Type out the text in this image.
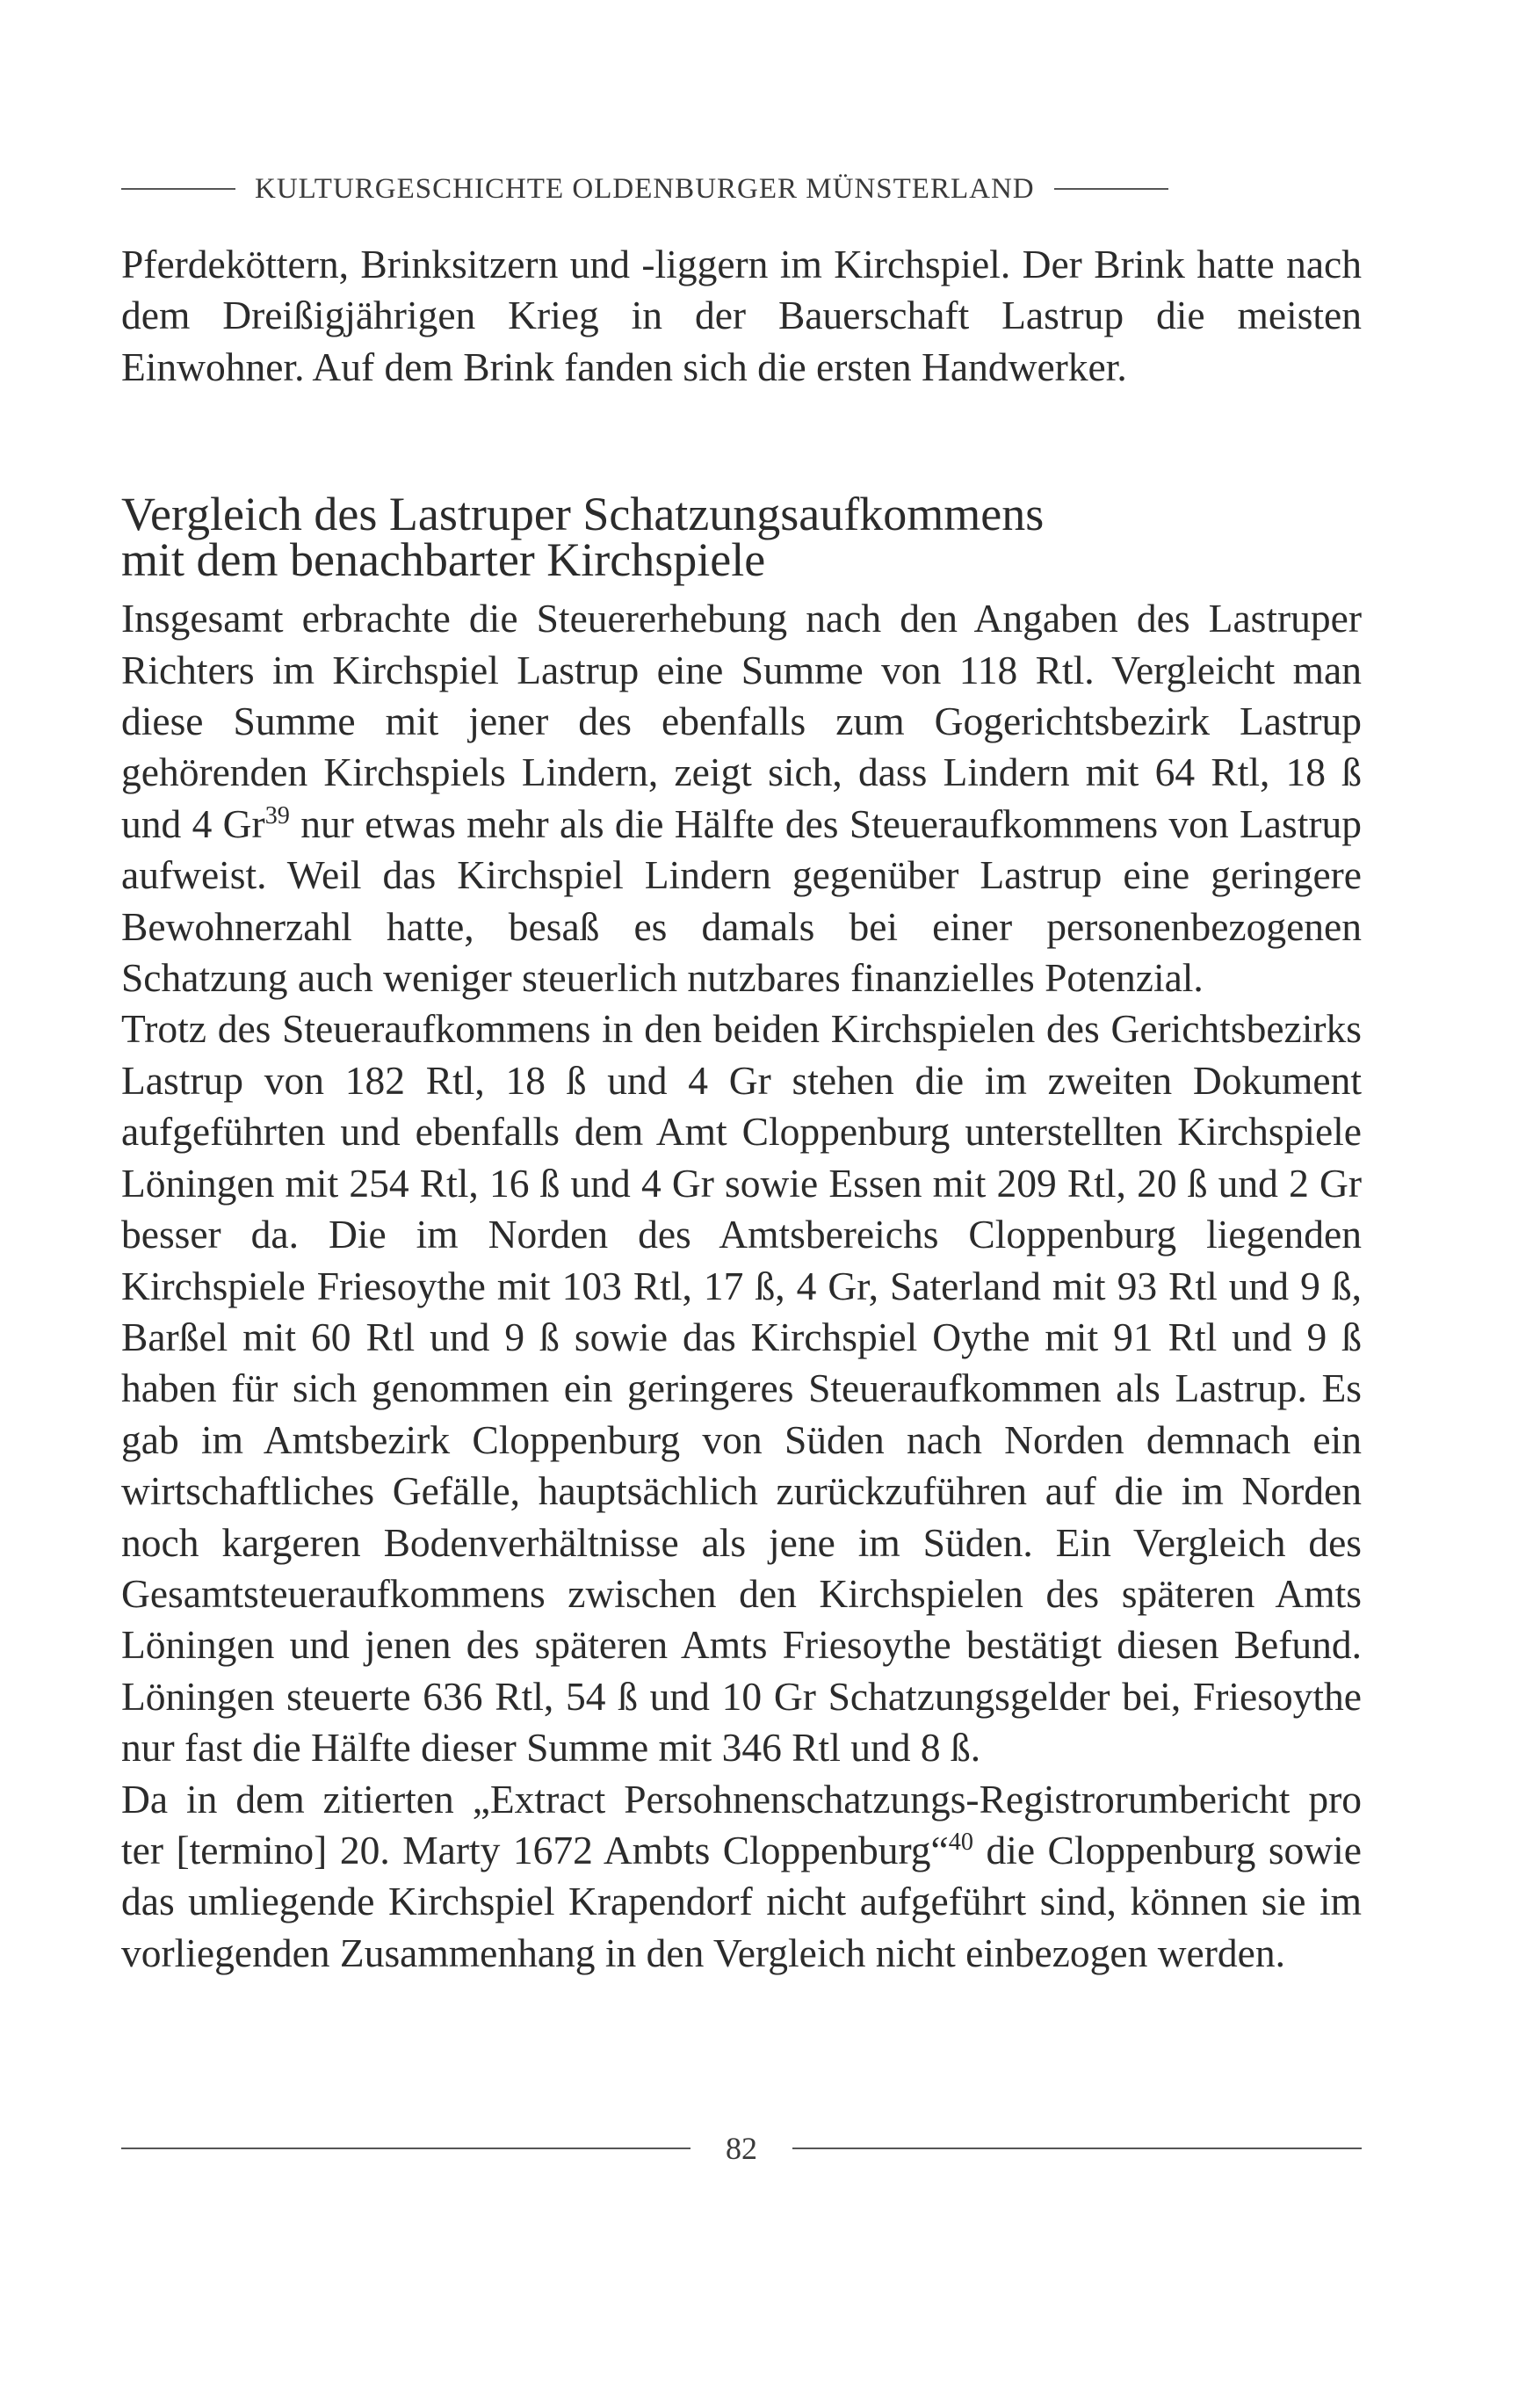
KULTURGESCHICHTE OLDENBURGER MÜNSTERLAND

Pferdeköttern, Brinksitzern und -liggern im Kirchspiel. Der Brink hatte nach dem Dreißigjährigen Krieg in der Bauerschaft Lastrup die meisten Einwohner. Auf dem Brink fanden sich die ersten Handwerker.

Vergleich des Lastruper Schatzungsaufkommens
mit dem benachbarter Kirchspiele

Insgesamt erbrachte die Steuererhebung nach den Angaben des Lastruper Richters im Kirchspiel Lastrup eine Summe von 118 Rtl. Vergleicht man diese Summe mit jener des ebenfalls zum Gogerichtsbezirk Lastrup gehörenden Kirchspiels Lindern, zeigt sich, dass Lindern mit 64 Rtl, 18 ß und 4 Gr$^{39}$ nur etwas mehr als die Hälfte des Steueraufkommens von Lastrup aufweist. Weil das Kirchspiel Lindern gegenüber Lastrup eine geringere Bewohnerzahl hatte, besaß es damals bei einer personenbezogenen Schatzung auch weniger steuerlich nutzbares finanzielles Potenzial.

Trotz des Steueraufkommens in den beiden Kirchspielen des Gerichtsbezirks Lastrup von 182 Rtl, 18 ß und 4 Gr stehen die im zweiten Dokument aufgeführten und ebenfalls dem Amt Cloppenburg unterstellten Kirchspiele Löningen mit 254 Rtl, 16 ß und 4 Gr sowie Essen mit 209 Rtl, 20 ß und 2 Gr besser da. Die im Norden des Amtsbereichs Cloppenburg liegenden Kirchspiele Friesoythe mit 103 Rtl, 17 ß, 4 Gr, Saterland mit 93 Rtl und 9 ß, Barßel mit 60 Rtl und 9 ß sowie das Kirchspiel Oythe mit 91 Rtl und 9 ß haben für sich genommen ein geringeres Steueraufkommen als Lastrup. Es gab im Amtsbezirk Cloppenburg von Süden nach Norden demnach ein wirtschaftliches Gefälle, hauptsächlich zurückzuführen auf die im Norden noch kargeren Bodenverhältnisse als jene im Süden. Ein Vergleich des Gesamtsteueraufkommens zwischen den Kirchspielen des späteren Amts Löningen und jenen des späteren Amts Friesoythe bestätigt diesen Befund. Löningen steuerte 636 Rtl, 54 ß und 10 Gr Schatzungsgelder bei, Friesoythe nur fast die Hälfte dieser Summe mit 346 Rtl und 8 ß.

Da in dem zitierten „Extract Persohnenschatzungs-Registrorumbericht pro ter [termino] 20. Marty 1672 Ambts Cloppenburg“$^{40}$ die Cloppenburg sowie das umliegende Kirchspiel Krapendorf nicht aufgeführt sind, können sie im vorliegenden Zusammenhang in den Vergleich nicht einbezogen werden.

82
